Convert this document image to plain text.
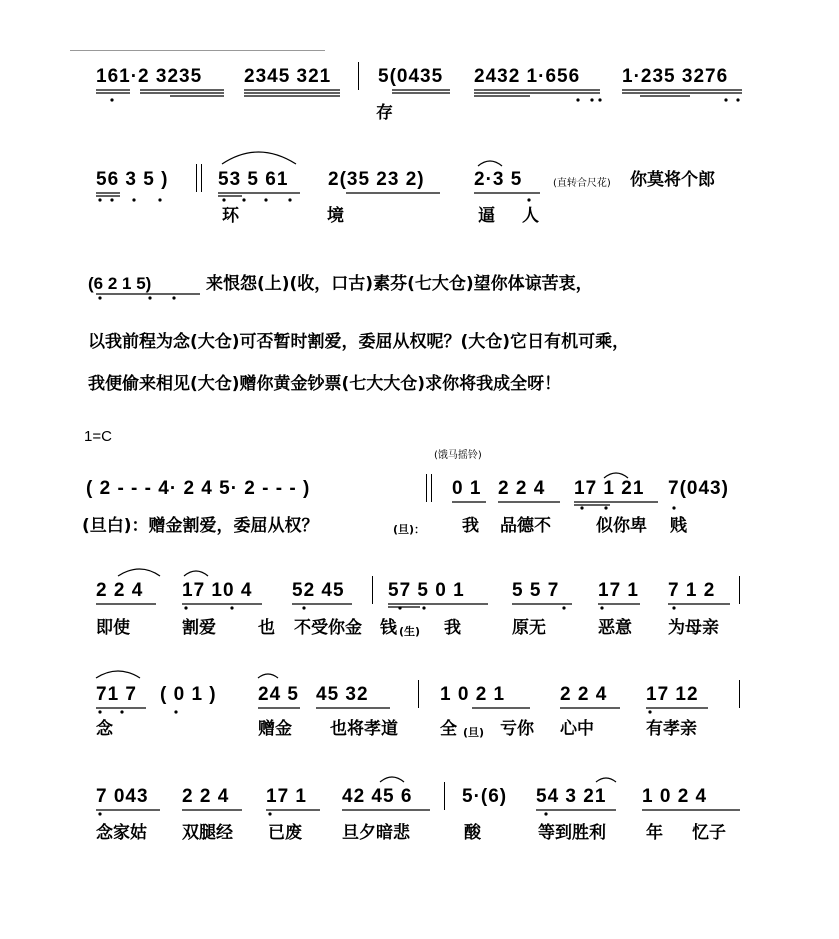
161·2 3235 2345 321 5(0435 2432 1·656 1·235 3276
存
56 3 5 )	53 5 61 2(35 23 2)	2·3 5	(直转合尺花) 你莫将个郎
环	境	逼 人
(6 2 1 5)	来恨怨(上)(收，口古)素芬(七大仓)望你体谅苦衷，
以我前程为念(大仓)可否暂时割爱，委屈从权呢？(大仓)它日有机可乘，
我便偷来相见(大仓)赠你黄金钞票(七大大仓)求你将我成全呀！
1=C
(饿马摇铃)
( 2 - - - 4· 2 4 5· 2 - - - )	0 1 2 2 4 17 1 21 7(043)
(旦白)：赠金割爱，委屈从权？	(旦)： 我 品德不	似你卑 贱
2 2 4 17 10 4 52 45 57 5 0 1 5 5 7 17 1 7 1 2
即使	割爱 也 不受你金 钱 (生) 我	原无	恶意 为母亲
71 7 ( 0 1 ) 24 5 45 32	1 0 2 1	2 2 4 17 12
念	赠金 也将孝道 全 (旦) 亏你 心中	有孝亲
7 043 2 2 4 17 1 42 45 6	5·(6) 54 3 21 1 0 2 4
念家姑 双腿经 已废 旦夕暗悲	酸	等到胜利 年 忆子
